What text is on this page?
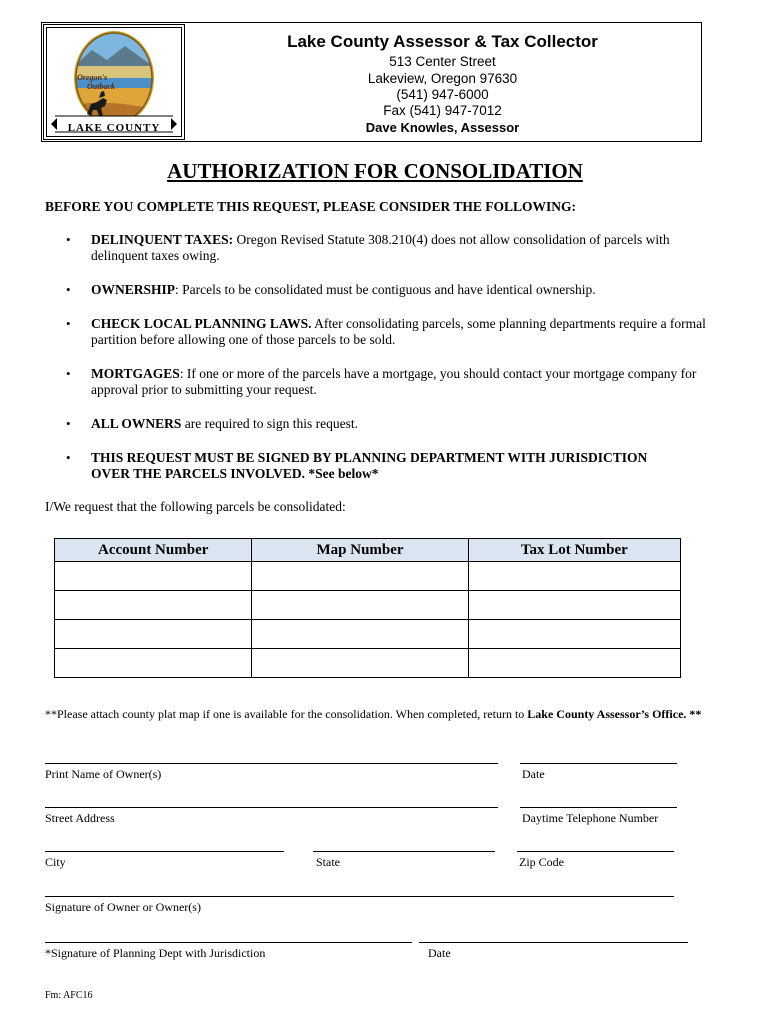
Oregon's
Outback
LAKE COUNTY
Lake County Assessor & Tax Collector
513 Center Street
Lakeview, Oregon 97630
(541) 947-6000
Fax (541) 947-7012
Dave Knowles, Assessor
AUTHORIZATION FOR CONSOLIDATION
BEFORE YOU COMPLETE THIS REQUEST, PLEASE CONSIDER THE FOLLOWING:
• DELINQUENT TAXES: Oregon Revised Statute 308.210(4) does not allow consolidation of parcels with delinquent taxes owing.
• OWNERSHIP: Parcels to be consolidated must be contiguous and have identical ownership.
• CHECK LOCAL PLANNING LAWS. After consolidating parcels, some planning departments require a formal partition before allowing one of those parcels to be sold.
• MORTGAGES: If one or more of the parcels have a mortgage, you should contact your mortgage company for approval prior to submitting your request.
• ALL OWNERS are required to sign this request.
• THIS REQUEST MUST BE SIGNED BY PLANNING DEPARTMENT WITH JURISDICTION OVER THE PARCELS INVOLVED. *See below*
I/We request that the following parcels be consolidated:
Account Number	Map Number	Tax Lot Number

**Please attach county plat map if one is available for the consolidation. When completed, return to Lake County Assessor’s Office. **
Print Name of Owner(s)	Date
Street Address	Daytime Telephone Number
City	State	Zip Code
Signature of Owner or Owner(s)
*Signature of Planning Dept with Jurisdiction	Date
Fm: AFC16
